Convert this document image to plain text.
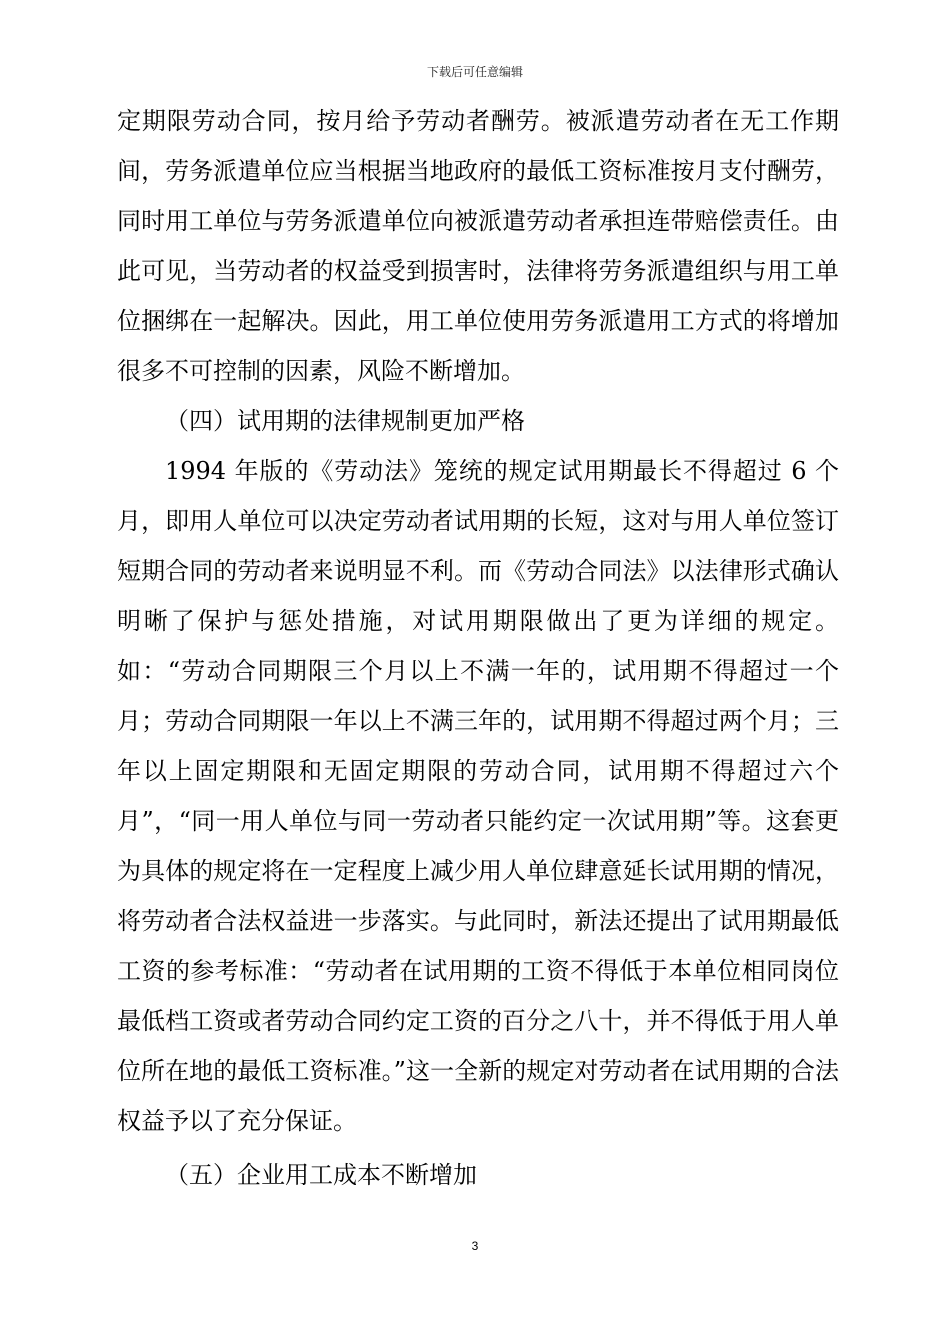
下载后可任意编辑

定期限劳动合同，按月给予劳动者酬劳。被派遣劳动者在无工作期间，劳务派遣单位应当根据当地政府的最低工资标准按月支付酬劳，同时用工单位与劳务派遣单位向被派遣劳动者承担连带赔偿责任。由此可见，当劳动者的权益受到损害时，法律将劳务派遣组织与用工单位捆绑在一起解决。因此，用工单位使用劳务派遣用工方式的将增加很多不可控制的因素，风险不断增加。

（四）试用期的法律规制更加严格

1994 年版的《劳动法》笼统的规定试用期最长不得超过 6 个月，即用人单位可以决定劳动者试用期的长短，这对与用人单位签订短期合同的劳动者来说明显不利。而《劳动合同法》以法律形式确认明晰了保护与惩处措施，对试用期限做出了更为详细的规定。如：“劳动合同期限三个月以上不满一年的，试用期不得超过一个月；劳动合同期限一年以上不满三年的，试用期不得超过两个月；三年以上固定期限和无固定期限的劳动合同，试用期不得超过六个月”，“同一用人单位与同一劳动者只能约定一次试用期”等。这套更为具体的规定将在一定程度上减少用人单位肆意延长试用期的情况，将劳动者合法权益进一步落实。与此同时，新法还提出了试用期最低工资的参考标准：“劳动者在试用期的工资不得低于本单位相同岗位最低档工资或者劳动合同约定工资的百分之八十，并不得低于用人单位所在地的最低工资标准。”这一全新的规定对劳动者在试用期的合法权益予以了充分保证。

（五）企业用工成本不断增加
3
